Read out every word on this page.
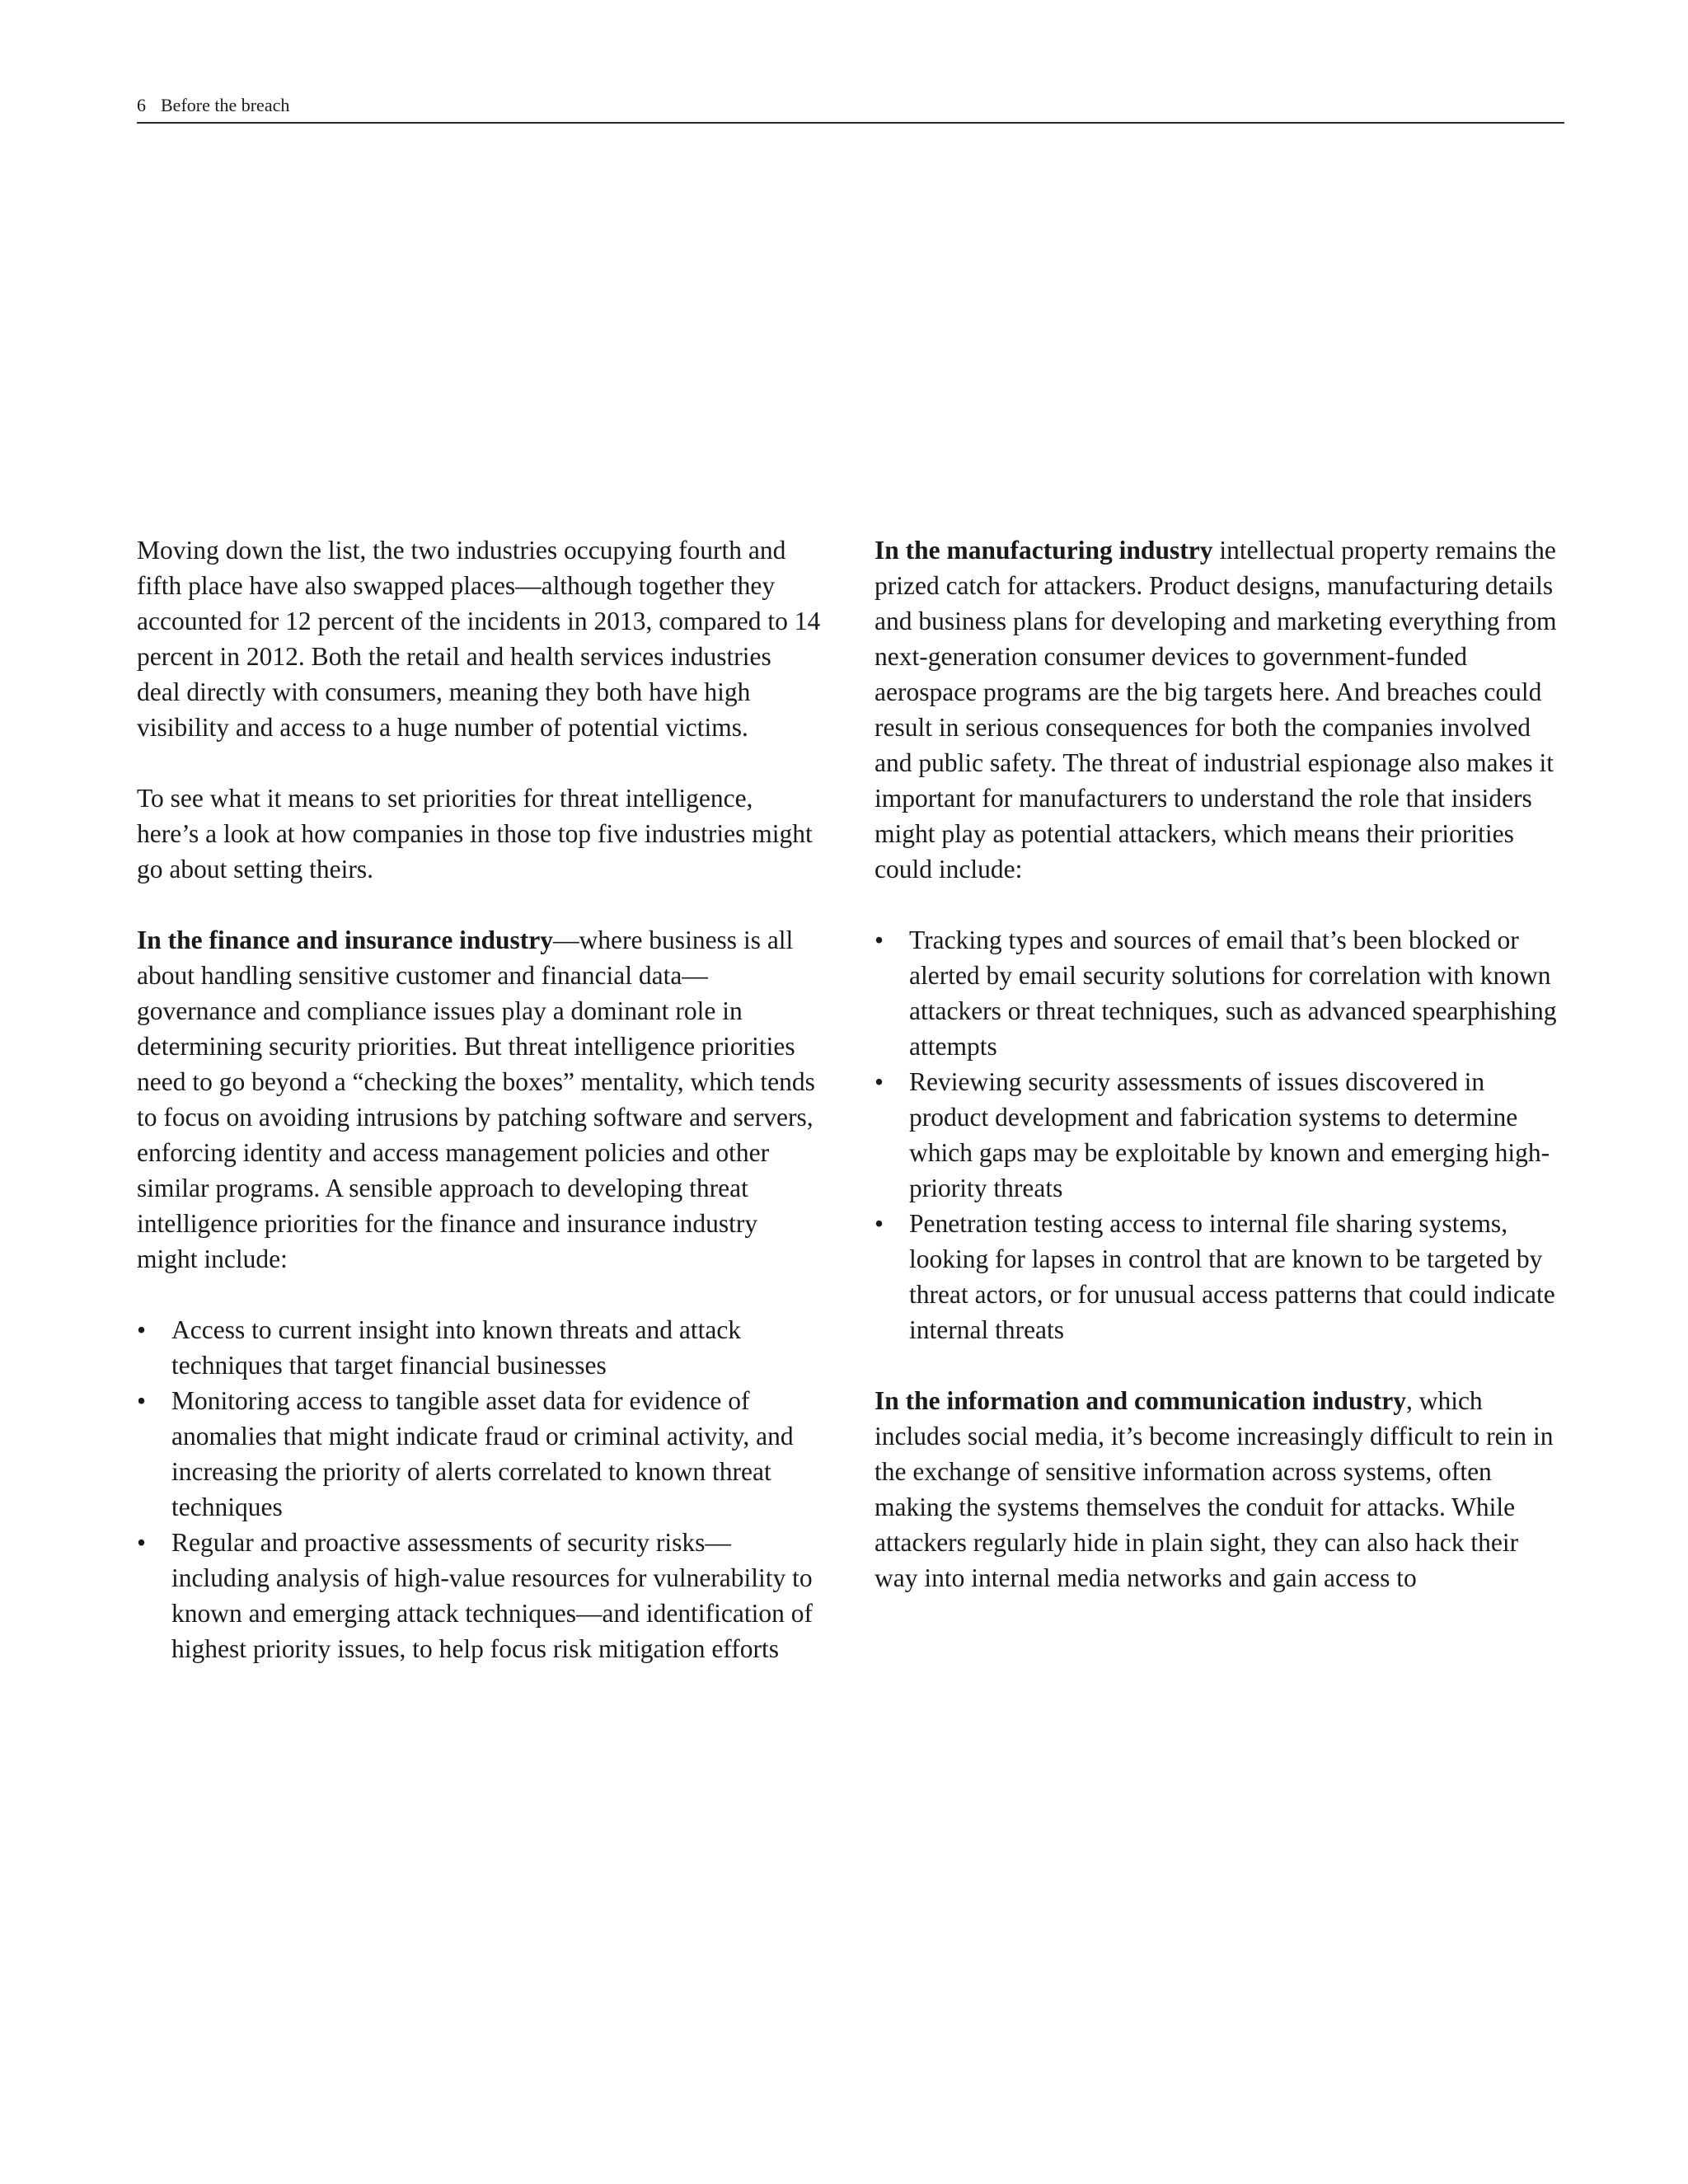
6 Before the breach

Moving down the list, the two industries occupying fourth and fifth place have also swapped places—although together they accounted for 12 percent of the incidents in 2013, compared to 14 percent in 2012. Both the retail and health services industries deal directly with consumers, meaning they both have high visibility and access to a huge number of potential victims.

To see what it means to set priorities for threat intelligence, here’s a look at how companies in those top five industries might go about setting theirs.

In the finance and insurance industry—where business is all about handling sensitive customer and financial data—governance and compliance issues play a dominant role in determining security priorities. But threat intelligence priorities need to go beyond a “checking the boxes” mentality, which tends to focus on avoiding intrusions by patching software and servers, enforcing identity and access management policies and other similar programs. A sensible approach to developing threat intelligence priorities for the finance and insurance industry might include:

• Access to current insight into known threats and attack techniques that target financial businesses
• Monitoring access to tangible asset data for evidence of anomalies that might indicate fraud or criminal activity, and increasing the priority of alerts correlated to known threat techniques
• Regular and proactive assessments of security risks—including analysis of high-value resources for vulnerability to known and emerging attack techniques—and identification of highest priority issues, to help focus risk mitigation efforts

In the manufacturing industry intellectual property remains the prized catch for attackers. Product designs, manufacturing details and business plans for developing and marketing everything from next-generation consumer devices to government-funded aerospace programs are the big targets here. And breaches could result in serious consequences for both the companies involved and public safety. The threat of industrial espionage also makes it important for manufacturers to understand the role that insiders might play as potential attackers, which means their priorities could include:

• Tracking types and sources of email that’s been blocked or alerted by email security solutions for correlation with known attackers or threat techniques, such as advanced spearphishing attempts
• Reviewing security assessments of issues discovered in product development and fabrication systems to determine which gaps may be exploitable by known and emerging high-priority threats
• Penetration testing access to internal file sharing systems, looking for lapses in control that are known to be targeted by threat actors, or for unusual access patterns that could indicate internal threats

In the information and communication industry, which includes social media, it’s become increasingly difficult to rein in the exchange of sensitive information across systems, often making the systems themselves the conduit for attacks. While attackers regularly hide in plain sight, they can also hack their way into internal media networks and gain access to
